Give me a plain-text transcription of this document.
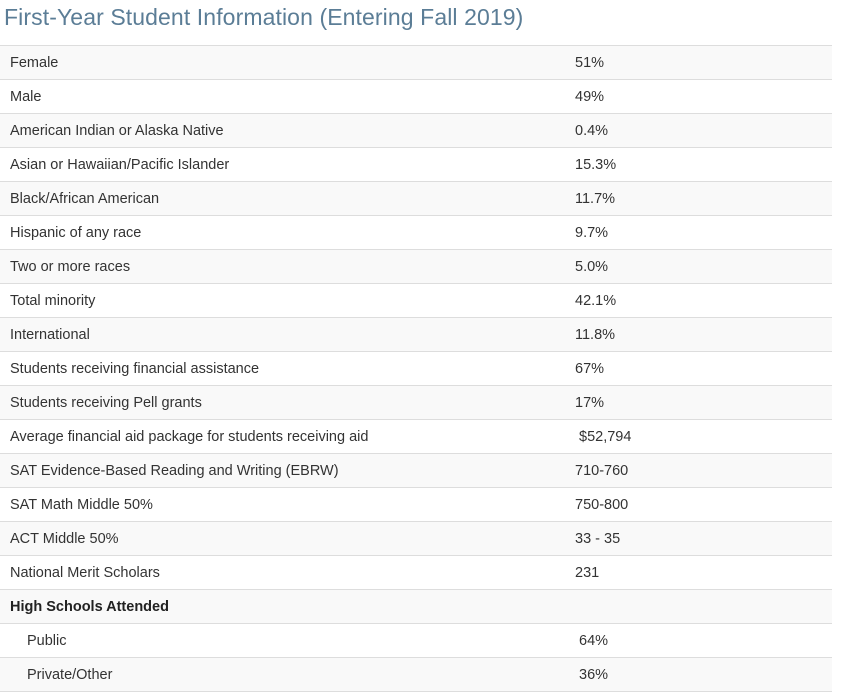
First-Year Student Information (Entering Fall 2019)
Female	51%
Male	49%
American Indian or Alaska Native	0.4%
Asian or Hawaiian/Pacific Islander	15.3%
Black/African American	11.7%
Hispanic of any race	9.7%
Two or more races	5.0%
Total minority	42.1%
International	11.8%
Students receiving financial assistance	67%
Students receiving Pell grants	17%
Average financial aid package for students receiving aid	$52,794
SAT Evidence-Based Reading and Writing (EBRW)	710-760
SAT Math Middle 50%	750-800
ACT Middle 50%	33 - 35
National Merit Scholars	231
High Schools Attended	
Public	64%
Private/Other	36%
